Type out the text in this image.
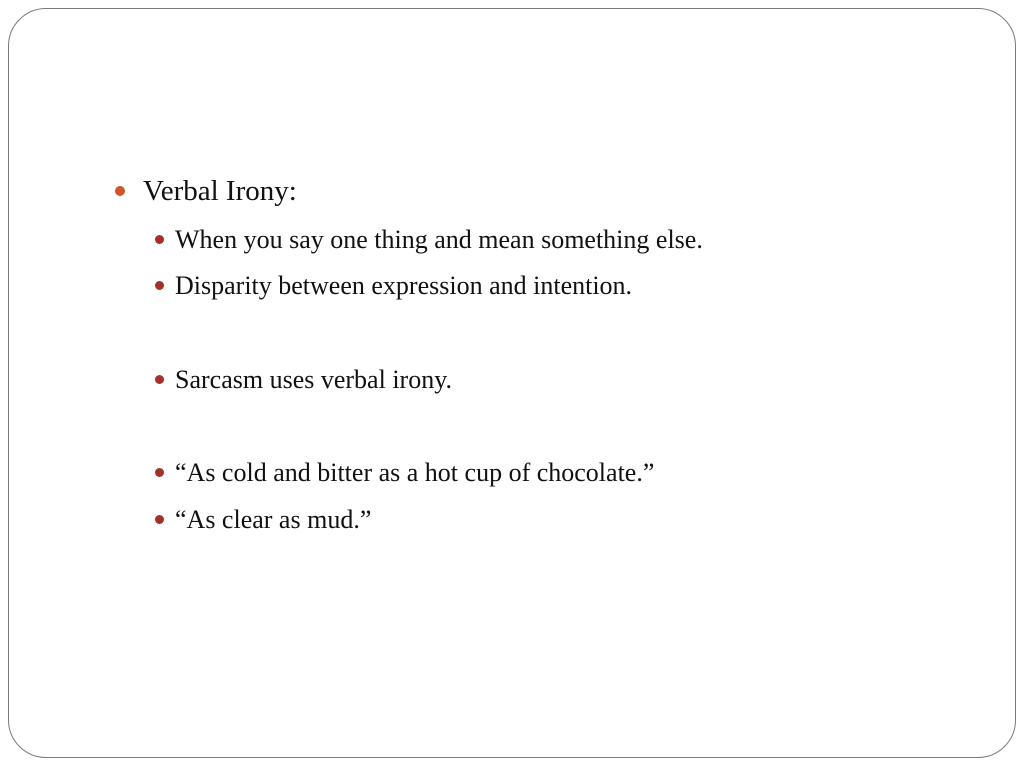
Verbal Irony:
When you say one thing and mean something else.
Disparity between expression and intention.
Sarcasm uses verbal irony.
“As cold and bitter as a hot cup of chocolate.”
“As clear as mud.”
